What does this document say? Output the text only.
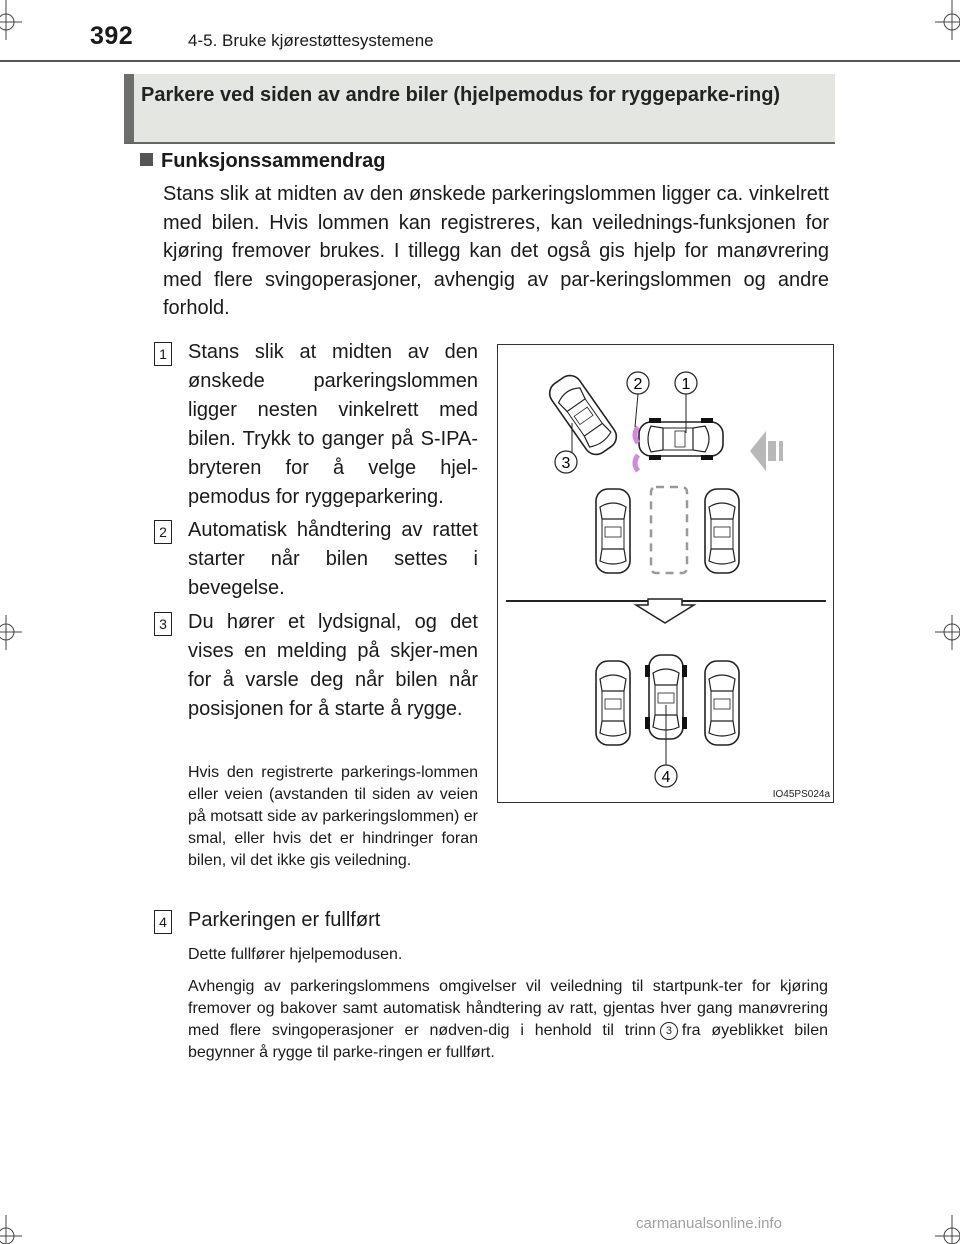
392	4-5. Bruke kjørestøttesystemene
Parkere ved siden av andre biler (hjelpemodus for ryggeparke-ring)
Funksjonssammendrag
Stans slik at midten av den ønskede parkeringslommen ligger ca. vinkelrett med bilen. Hvis lommen kan registreres, kan veilednings-funksjonen for kjøring fremover brukes. I tillegg kan det også gis hjelp for manøvrering med flere svingoperasjoner, avhengig av par-keringslommen og andre forhold.
1 Stans slik at midten av den ønskede parkeringslommen ligger nesten vinkelrett med bilen. Trykk to ganger på S-IPA-bryteren for å velge hjel-pemodus for ryggeparkering.
2 Automatisk håndtering av rattet starter når bilen settes i bevegelse.
3 Du hører et lydsignal, og det vises en melding på skjer-men for å varsle deg når bilen når posisjonen for å starte å rygge.
Hvis den registrerte parkerings-lommen eller veien (avstanden til siden av veien på motsatt side av parkeringslommen) er smal, eller hvis det er hindringer foran bilen, vil det ikke gis veiledning.
4 Parkeringen er fullført
Dette fullfører hjelpemodusen.
Avhengig av parkeringslommens omgivelser vil veiledning til startpunk-ter for kjøring fremover og bakover samt automatisk håndtering av ratt, gjentas hver gang manøvrering med flere svingoperasjoner er nødven-dig i henhold til trinn 3 fra øyeblikket bilen begynner å rygge til parke-ringen er fullført.
2 1
3
4
IO45PS024a
carmanualsonline.info
